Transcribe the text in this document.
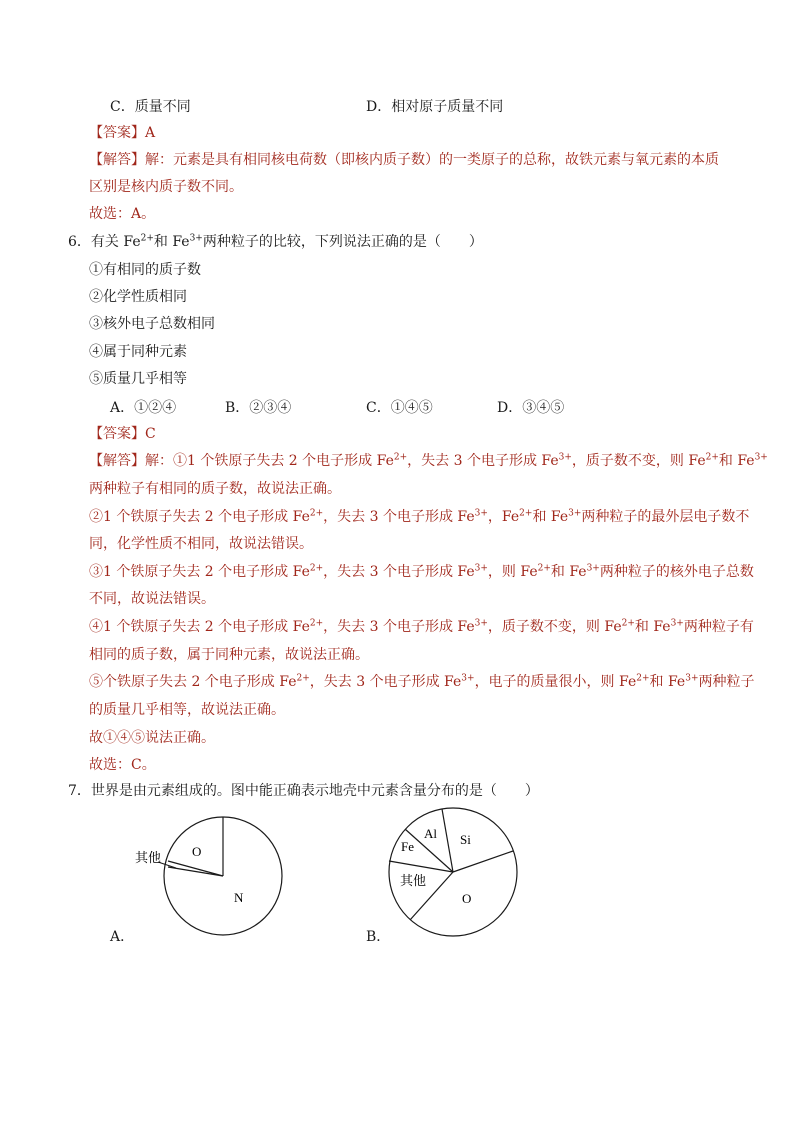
C．质量不同	D．相对原子质量不同
【答案】A
【解答】解：元素是具有相同核电荷数（即核内质子数）的一类原子的总称，故铁元素与氧元素的本质
区别是核内质子数不同。
故选：A。
6．有关 $Fe^{2+}$和 $Fe^{3+}$两种粒子的比较，下列说法正确的是（　　）
①有相同的质子数
②化学性质相同
③核外电子总数相同
④属于同种元素
⑤质量几乎相等
A．①②④	B．②③④	C．①④⑤	D．③④⑤
【答案】C
【解答】解：①1 个铁原子失去 2 个电子形成 $Fe^{2+}$，失去 3 个电子形成 $Fe^{3+}$，质子数不变，则 $Fe^{2+}$和 $Fe^{3+}$
两种粒子有相同的质子数，故说法正确。
②1 个铁原子失去 2 个电子形成 $Fe^{2+}$，失去 3 个电子形成 $Fe^{3+}$，$Fe^{2+}$和 $Fe^{3+}$两种粒子的最外层电子数不
同，化学性质不相同，故说法错误。
③1 个铁原子失去 2 个电子形成 $Fe^{2+}$，失去 3 个电子形成 $Fe^{3+}$，则 $Fe^{2+}$和 $Fe^{3+}$两种粒子的核外电子总数
不同，故说法错误。
④1 个铁原子失去 2 个电子形成 $Fe^{2+}$，失去 3 个电子形成 $Fe^{3+}$，质子数不变，则 $Fe^{2+}$和 $Fe^{3+}$两种粒子有
相同的质子数，属于同种元素，故说法正确。
⑤个铁原子失去 2 个电子形成 $Fe^{2+}$，失去 3 个电子形成 $Fe^{3+}$，电子的质量很小，则 $Fe^{2+}$和 $Fe^{3+}$两种粒子
的质量几乎相等，故说法正确。
故①④⑤说法正确。
故选：C。
7．世界是由元素组成的。图中能正确表示地壳中元素含量分布的是（　　）
O
N
其他
A．
Si
Al
Fe
其他
O
B．
